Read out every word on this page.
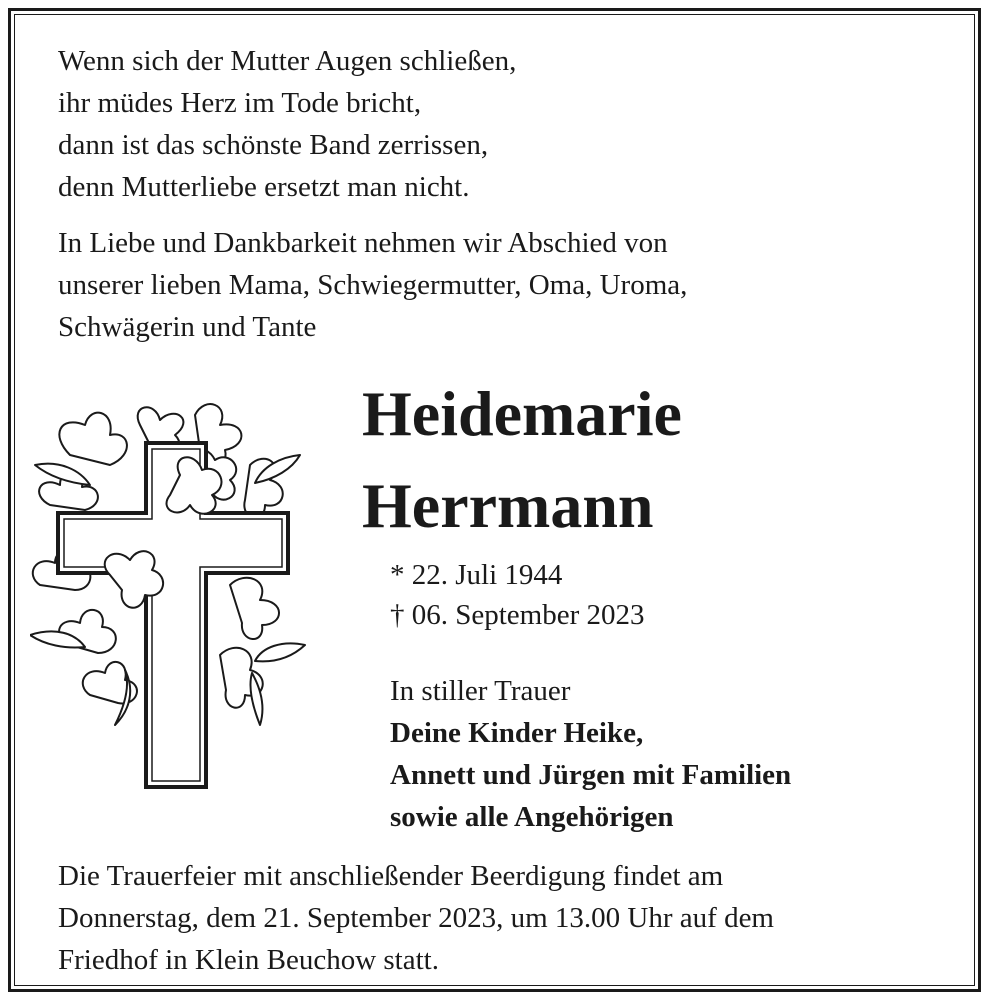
Wenn sich der Mutter Augen schließen,
ihr müdes Herz im Tode bricht,
dann ist das schönste Band zerrissen,
denn Mutterliebe ersetzt man nicht.
In Liebe und Dankbarkeit nehmen wir Abschied von
unserer lieben Mama, Schwiegermutter, Oma, Uroma,
Schwägerin und Tante
Heidemarie
Herrmann
* 22. Juli 1944
† 06. September 2023
In stiller Trauer
Deine Kinder Heike,
Annett und Jürgen mit Familien
sowie alle Angehörigen
Die Trauerfeier mit anschließender Beerdigung findet am
Donnerstag, dem 21. September 2023, um 13.00 Uhr auf dem
Friedhof in Klein Beuchow statt.
